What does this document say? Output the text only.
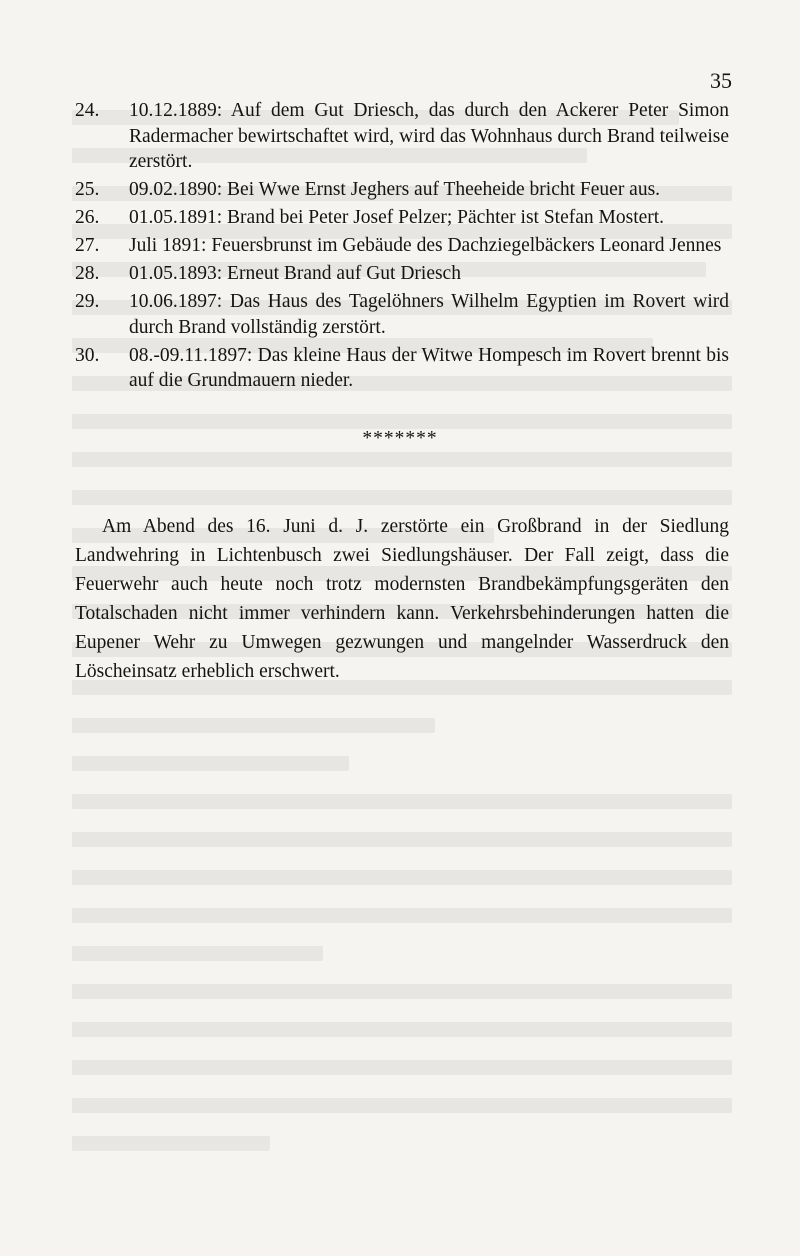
35
24.	10.12.1889: Auf dem Gut Driesch, das durch den Ackerer Peter Simon Radermacher bewirtschaftet wird, wird das Wohnhaus durch Brand teilweise zerstört.
25.	09.02.1890: Bei Wwe Ernst Jeghers auf Theeheide bricht Feuer aus.
26.	01.05.1891: Brand bei Peter Josef Pelzer; Pächter ist Stefan Mostert.
27.	Juli 1891: Feuersbrunst im Gebäude des Dachziegelbäckers Leonard Jennes
28.	01.05.1893: Erneut Brand auf Gut Driesch
29.	10.06.1897: Das Haus des Tagelöhners Wilhelm Egyptien im Rovert wird durch Brand vollständig zerstört.
30.	08.-09.11.1897: Das kleine Haus der Witwe Hompesch im Rovert brennt bis auf die Grundmauern nieder.
*******

Am Abend des 16. Juni d. J. zerstörte ein Großbrand in der Siedlung Landwehring in Lichtenbusch zwei Siedlungshäuser. Der Fall zeigt, dass die Feuerwehr auch heute noch trotz modernsten Brandbekämpfungsgeräten den Totalschaden nicht immer verhindern kann. Verkehrsbehinderungen hatten die Eupener Wehr zu Umwegen gezwungen und mangelnder Wasserdruck den Löscheinsatz erheblich erschwert.
